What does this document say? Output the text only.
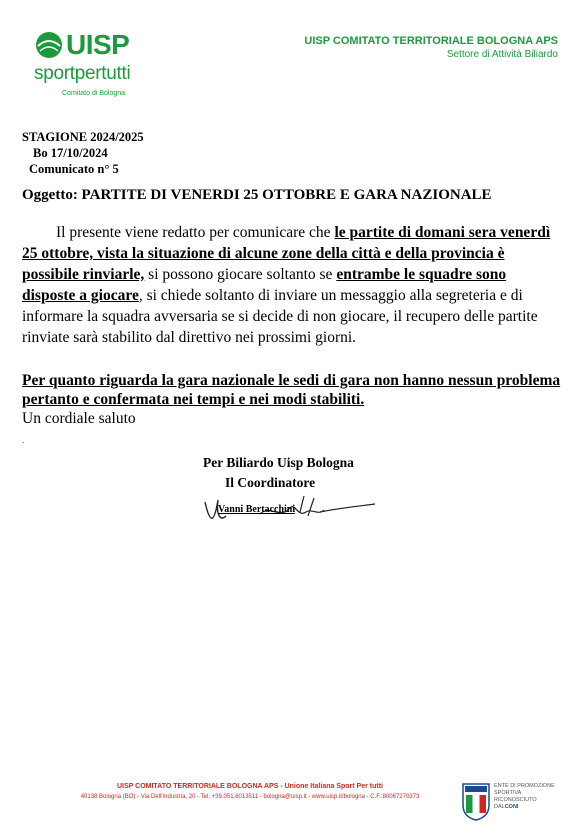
UISP
sportpertutti
Comitato di Bologna
UISP COMITATO TERRITORIALE BOLOGNA APS
Settore di Attività Biliardo
STAGIONE 2024/2025
Bo 17/10/2024
Comunicato n° 5
Oggetto: PARTITE DI VENERDI 25 OTTOBRE E GARA NAZIONALE
Il presente viene redatto per comunicare che le partite di domani sera venerdì 25 ottobre, vista la situazione di alcune zone della città e della provincia è possibile rinviarle, si possono giocare soltanto se entrambe le squadre sono disposte a giocare, si chiede soltanto di inviare un messaggio alla segreteria e di informare la squadra avversaria se si decide di non giocare, il recupero delle partite rinviate sarà stabilito dal direttivo nei prossimi giorni.
Per quanto riguarda la gara nazionale le sedi di gara non hanno nessun problema pertanto e confermata nei tempi e nei modi stabiliti.
Un cordiale saluto
.
Per Biliardo Uisp Bologna
Il Coordinatore
Vanni Bertacchini
UISP COMITATO TERRITORIALE BOLOGNA APS - Unione Italiana Sport Per tutti
40138 Bologna (BO) - Via Dell'Industria, 20 - Tel. +39.051.6013511 - bologna@uisp.it - www.uisp.it/bologna - C.F.:80067270373
ENTE DI PROMOZIONE
SPORTIVA
RICONOSCIUTO
DALCONI
